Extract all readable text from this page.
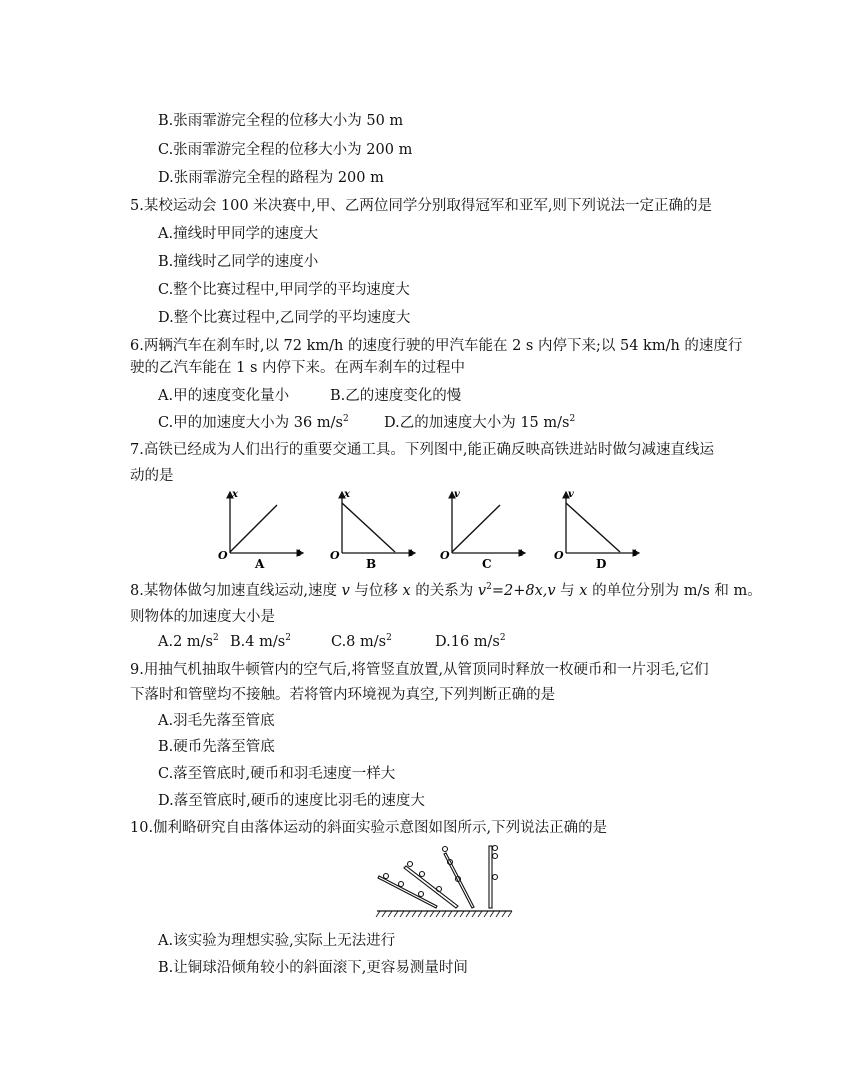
B.张雨霏游完全程的位移大小为 50 m
C.张雨霏游完全程的位移大小为 200 m
D.张雨霏游完全程的路程为 200 m
5.某校运动会 100 米决赛中,甲、乙两位同学分别取得冠军和亚军,则下列说法一定正确的是
A.撞线时甲同学的速度大
B.撞线时乙同学的速度小
C.整个比赛过程中,甲同学的平均速度大
D.整个比赛过程中,乙同学的平均速度大
6.两辆汽车在刹车时,以 72 km/h 的速度行驶的甲汽车能在 2 s 内停下来;以 54 km/h 的速度行
驶的乙汽车能在 1 s 内停下来。在两车刹车的过程中
A.甲的速度变化量小	B.乙的速度变化的慢
C.甲的加速度大小为 36 $m/s^2$ D.乙的加速度大小为 15 $m/s^2$
7.高铁已经成为人们出行的重要交通工具。下列图中,能正确反映高铁进站时做匀减速直线运
动的是
x
O	t
A
x
O	t
B
v
O	t
C
v
O	t
D
8.某物体做匀加速直线运动,速度 v 与位移 x 的关系为 $v^2=2+8x,v$ 与 x 的单位分别为 m/s 和 m。
则物体的加速度大小是
A.2 $m/s^2$ B.4 $m/s^2$	C.8 $m/s^2$	D.16 $m/s^2$
9.用抽气机抽取牛顿管内的空气后,将管竖直放置,从管顶同时释放一枚硬币和一片羽毛,它们
下落时和管壁均不接触。若将管内环境视为真空,下列判断正确的是
A.羽毛先落至管底
B.硬币先落至管底
C.落至管底时,硬币和羽毛速度一样大
D.落至管底时,硬币的速度比羽毛的速度大
10.伽利略研究自由落体运动的斜面实验示意图如图所示,下列说法正确的是
A.该实验为理想实验,实际上无法进行
B.让铜球沿倾角较小的斜面滚下,更容易测量时间
